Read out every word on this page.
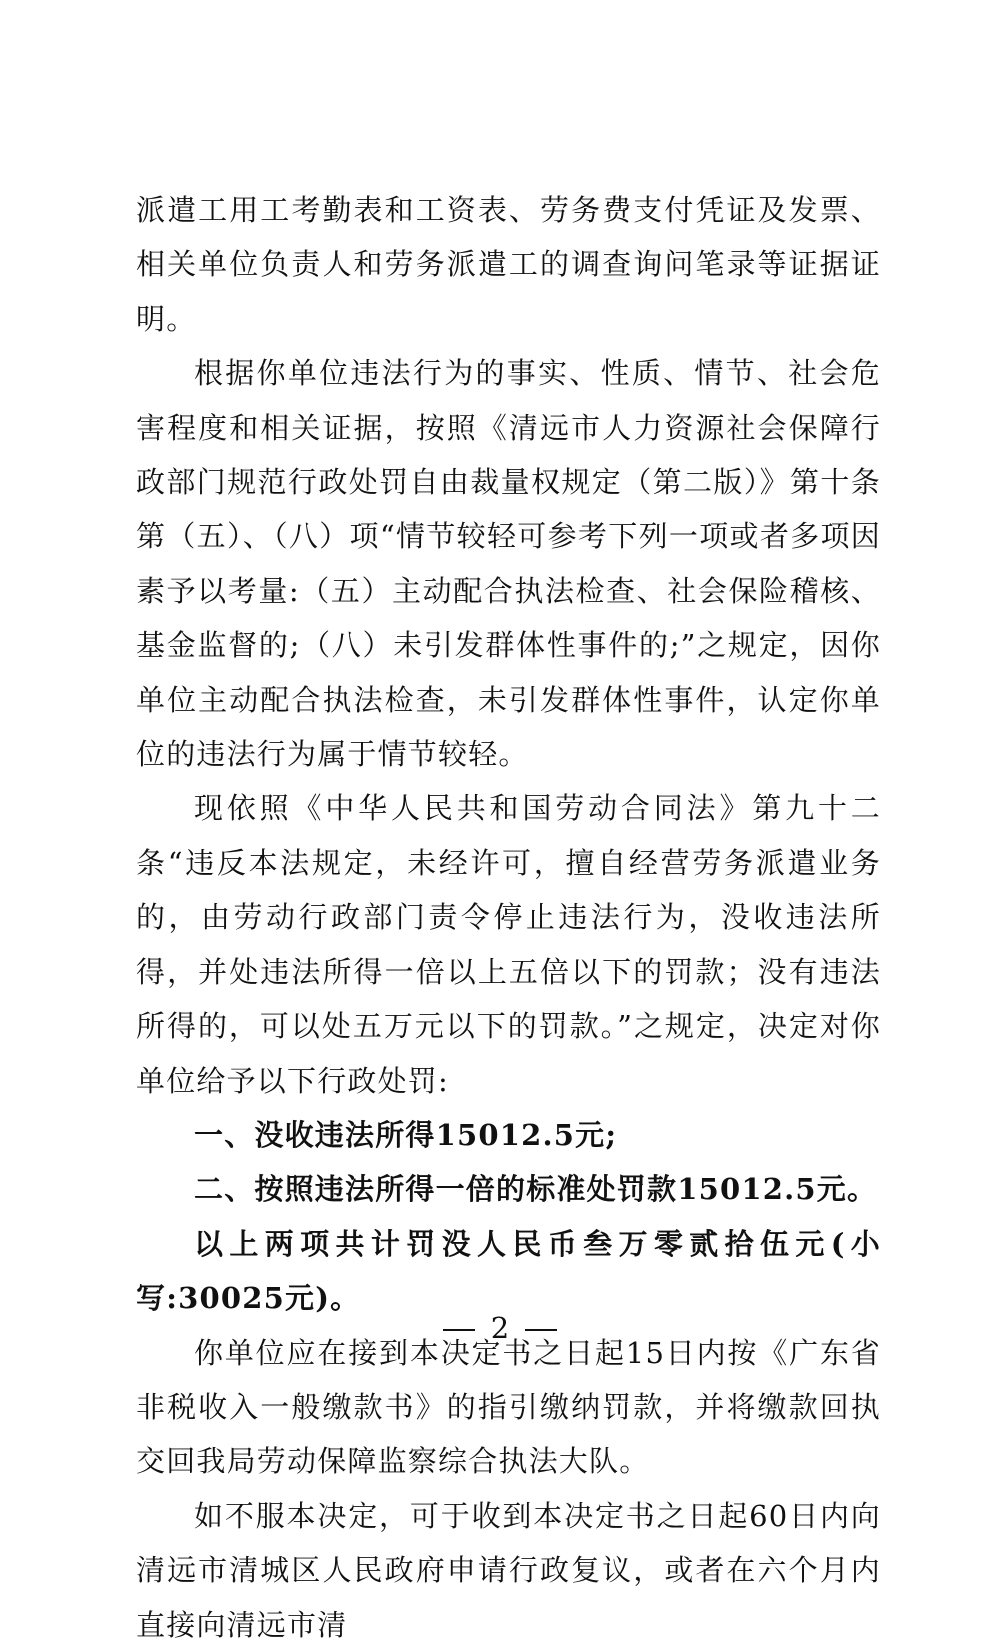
派遣工用工考勤表和工资表、劳务费支付凭证及发票、相关单位负责人和劳务派遣工的调查询问笔录等证据证明。

根据你单位违法行为的事实、性质、情节、社会危害程度和相关证据，按照《清远市人力资源社会保障行政部门规范行政处罚自由裁量权规定（第二版）》第十条第（五）、（八）项“情节较轻可参考下列一项或者多项因素予以考量:（五）主动配合执法检查、社会保险稽核、基金监督的;（八）未引发群体性事件的;”之规定，因你单位主动配合执法检查，未引发群体性事件，认定你单位的违法行为属于情节较轻。

现依照《中华人民共和国劳动合同法》第九十二条“违反本法规定，未经许可，擅自经营劳务派遣业务的，由劳动行政部门责令停止违法行为，没收违法所得，并处违法所得一倍以上五倍以下的罚款；没有违法所得的，可以处五万元以下的罚款。”之规定，决定对你单位给予以下行政处罚:

一、没收违法所得15012.5元;

二、按照违法所得一倍的标准处罚款15012.5元。

以上两项共计罚没人民币叁万零贰拾伍元(小写:30025元)。

你单位应在接到本决定书之日起15日内按《广东省非税收入一般缴款书》的指引缴纳罚款，并将缴款回执交回我局劳动保障监察综合执法大队。

如不服本决定，可于收到本决定书之日起60日内向清远市清城区人民政府申请行政复议，或者在六个月内直接向清远市清

2
